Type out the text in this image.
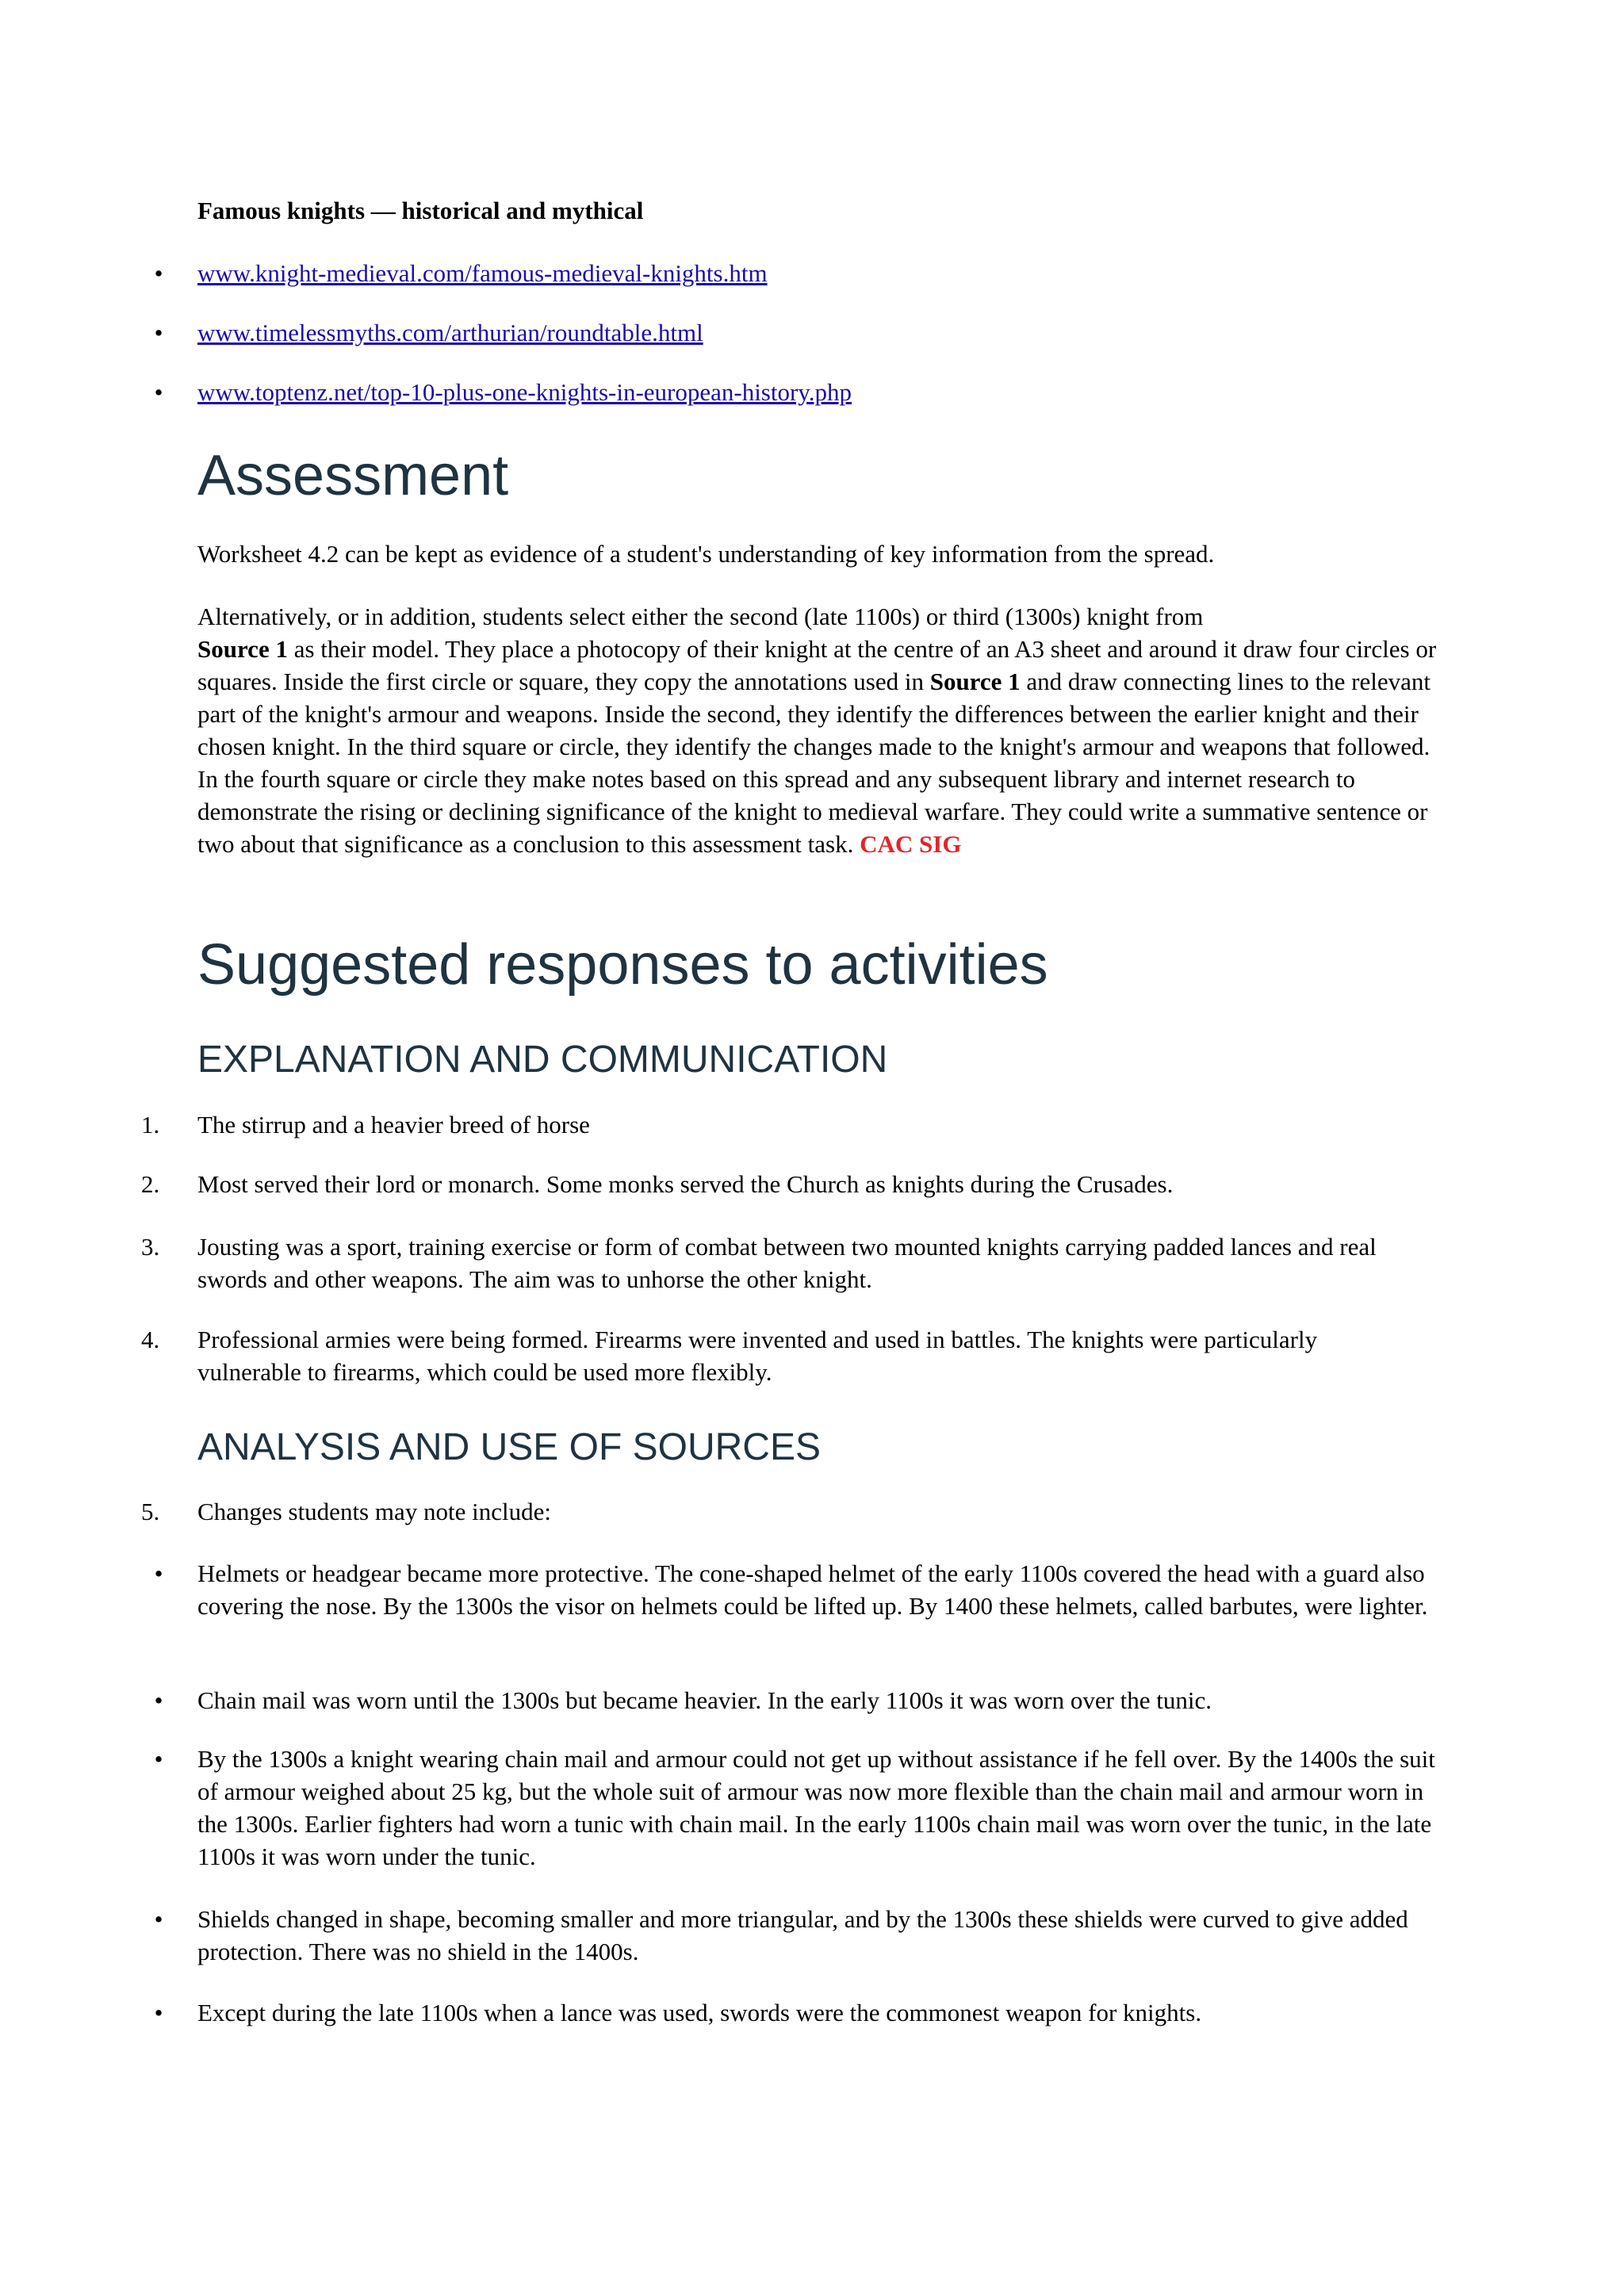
Famous knights — historical and mythical
•	www.knight-medieval.com/famous-medieval-knights.htm
•	www.timelessmyths.com/arthurian/roundtable.html
•	www.toptenz.net/top-10-plus-one-knights-in-european-history.php
Assessment
Worksheet 4.2 can be kept as evidence of a student's understanding of key information from the spread.
Alternatively, or in addition, students select either the second (late 1100s) or third (1300s) knight from
Source 1 as their model. They place a photocopy of their knight at the centre of an A3 sheet and around it draw four circles or squares. Inside the first circle or square, they copy the annotations used in Source 1 and draw connecting lines to the relevant part of the knight's armour and weapons. Inside the second, they identify the differences between the earlier knight and their chosen knight. In the third square or circle, they identify the changes made to the knight's armour and weapons that followed. In the fourth square or circle they make notes based on this spread and any subsequent library and internet research to demonstrate the rising or declining significance of the knight to medieval warfare. They could write a summative sentence or two about that significance as a conclusion to this assessment task. CAC SIG
Suggested responses to activities
EXPLANATION AND COMMUNICATION
1.	The stirrup and a heavier breed of horse
2.	Most served their lord or monarch. Some monks served the Church as knights during the Crusades.
3.	Jousting was a sport, training exercise or form of combat between two mounted knights carrying padded lances and real swords and other weapons. The aim was to unhorse the other knight.
4.	Professional armies were being formed. Firearms were invented and used in battles. The knights were particularly vulnerable to firearms, which could be used more flexibly.
ANALYSIS AND USE OF SOURCES
5.	Changes students may note include:
•	Helmets or headgear became more protective. The cone-shaped helmet of the early 1100s covered the head with a guard also covering the nose. By the 1300s the visor on helmets could be lifted up. By 1400 these helmets, called barbutes, were lighter.
•	Chain mail was worn until the 1300s but became heavier. In the early 1100s it was worn over the tunic.
•	By the 1300s a knight wearing chain mail and armour could not get up without assistance if he fell over. By the 1400s the suit of armour weighed about 25 kg, but the whole suit of armour was now more flexible than the chain mail and armour worn in the 1300s. Earlier fighters had worn a tunic with chain mail. In the early 1100s chain mail was worn over the tunic, in the late 1100s it was worn under the tunic.
•	Shields changed in shape, becoming smaller and more triangular, and by the 1300s these shields were curved to give added protection. There was no shield in the 1400s.
•	Except during the late 1100s when a lance was used, swords were the commonest weapon for knights.
